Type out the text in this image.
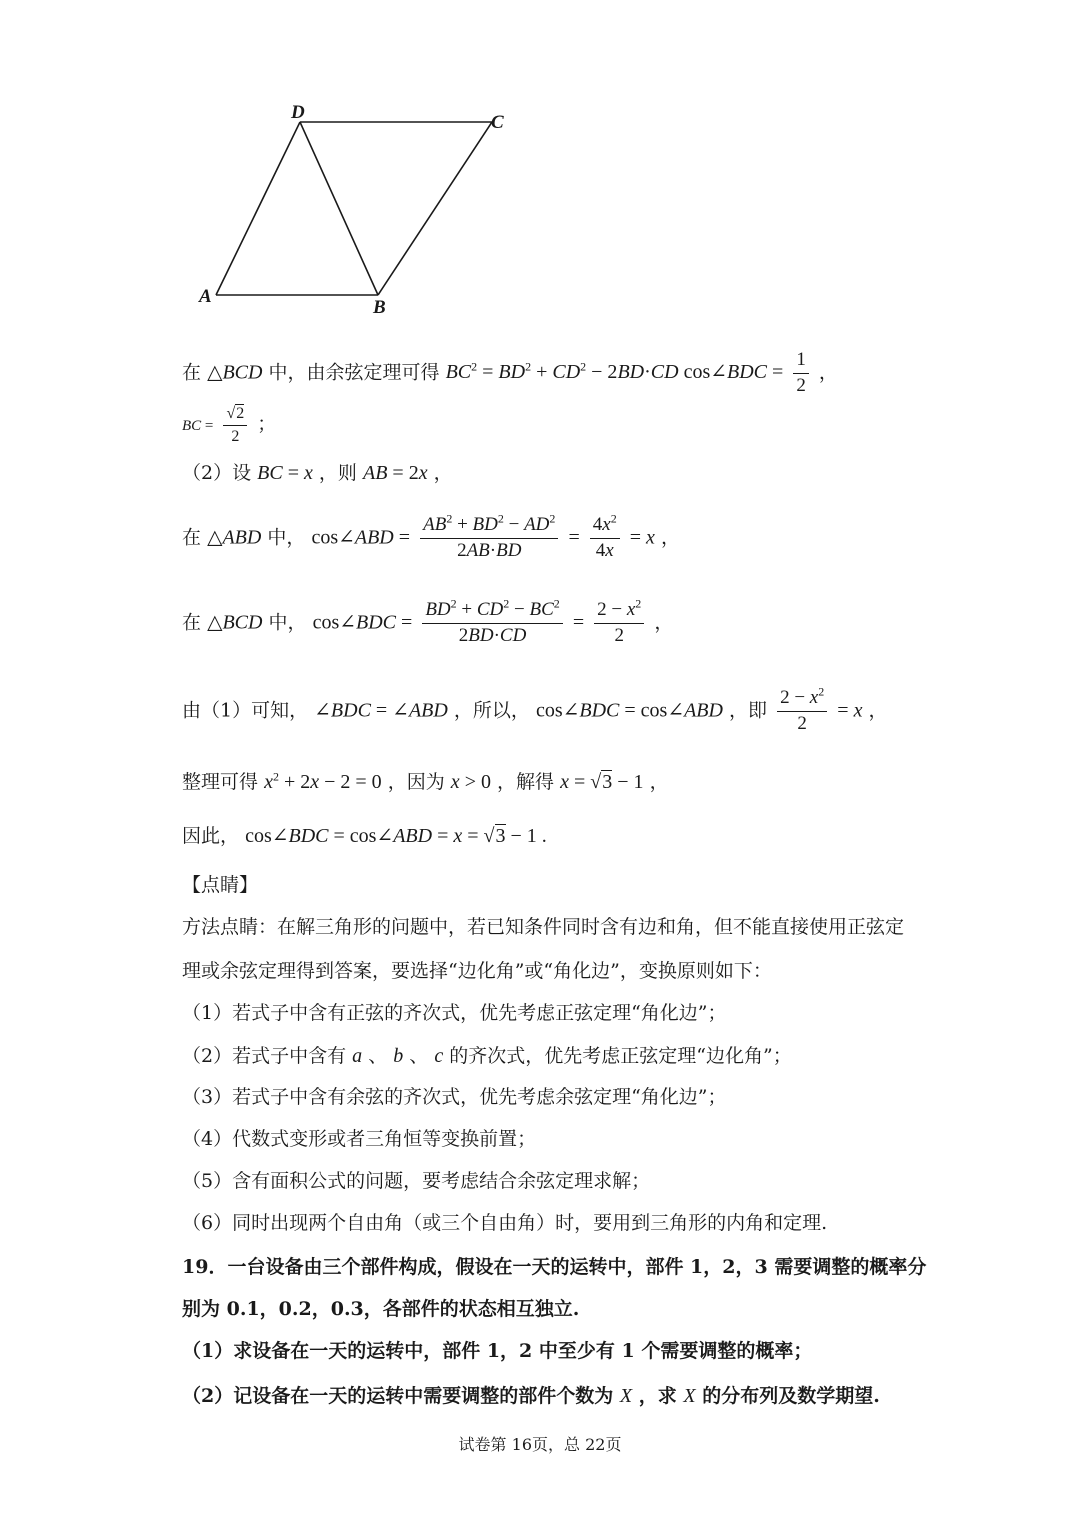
D	C
A
B
在 △BCD 中，由余弦定理可得 $BC^2 = BD^2 + CD^2 - 2BD\cdot CD$ cos∠BDC = $\frac{1}{2}$ ，
BC = $\frac{√2}{2}$ ；
（2）设 BC = x ，则 AB = 2x ，
在 △ABD 中， cos∠ABD = $\frac{AB^2 + BD^2 - AD^2}{2AB\cdot BD} = \frac{4x^2}{4x} = x$ ，
在 △BCD 中， cos∠BDC = $\frac{BD^2 + CD^2 - BC^2}{2BD\cdot CD} = \frac{2 - x^2}{2}$ ，
由（1）可知， ∠BDC = ∠ABD ，所以， cos∠BDC = cos∠ABD ，即 $\frac{2 - x^2}{2} = x$ ，
整理可得 $x^2 + 2x - 2 = 0$ ，因为 x > 0 ，解得 x = √3 − 1 ，
因此， cos∠BDC = cos∠ABD = x = √3 − 1 .
【点睛】
方法点睛：在解三角形的问题中，若已知条件同时含有边和角，但不能直接使用正弦定
理或余弦定理得到答案，要选择“边化角”或“角化边”，变换原则如下：
（1）若式子中含有正弦的齐次式，优先考虑正弦定理“角化边”；
（2）若式子中含有 a 、 b 、 c 的齐次式，优先考虑正弦定理“边化角”；
（3）若式子中含有余弦的齐次式，优先考虑余弦定理“角化边”；
（4）代数式变形或者三角恒等变换前置；
（5）含有面积公式的问题，要考虑结合余弦定理求解；
（6）同时出现两个自由角（或三个自由角）时，要用到三角形的内角和定理.
19．一台设备由三个部件构成，假设在一天的运转中，部件 1，2，3 需要调整的概率分
别为 0.1，0.2，0.3，各部件的状态相互独立.
（1）求设备在一天的运转中，部件 1，2 中至少有 1 个需要调整的概率；
（2）记设备在一天的运转中需要调整的部件个数为 X ，求 X 的分布列及数学期望.
试卷第 16页，总 22页
